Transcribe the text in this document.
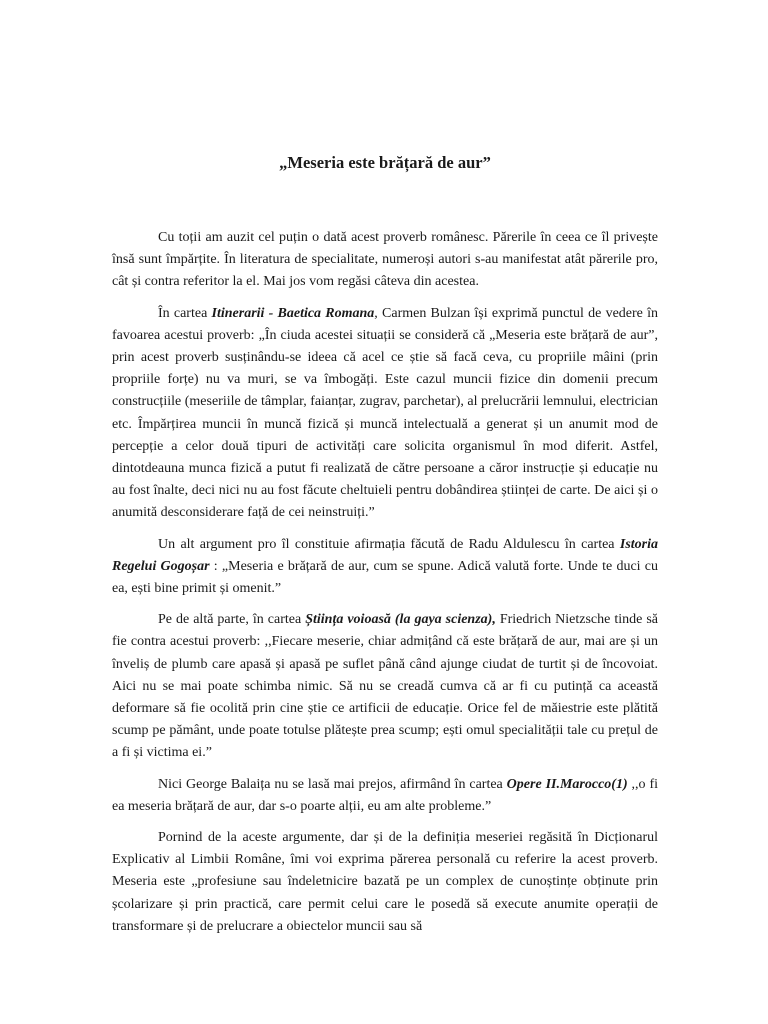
„Meseria este brățară de aur”

Cu toții am auzit cel puțin o dată acest proverb românesc. Părerile în ceea ce îl privește însă sunt împărțite. În literatura de specialitate, numeroși autori s-au manifestat atât părerile pro, cât și contra referitor la el. Mai jos vom regăsi câteva din acestea.

În cartea Itinerarii - Baetica Romana, Carmen Bulzan își exprimă punctul de vedere în favoarea acestui proverb: „În ciuda acestei situații se consideră că „Meseria este brățară de aur”, prin acest proverb susținându-se ideea că acel ce știe să facă ceva, cu propriile mâini (prin propriile forțe) nu va muri, se va îmbogăți. Este cazul muncii fizice din domenii precum construcțiile (meseriile de tâmplar, faianțar, zugrav, parchetar), al prelucrării lemnului, electrician etc. Împărțirea muncii în muncă fizică și muncă intelectuală a generat și un anumit mod de percepție a celor două tipuri de activități care solicita organismul în mod diferit. Astfel, dintotdeauna munca fizică a putut fi realizată de către persoane a căror instrucție și educație nu au fost înalte, deci nici nu au fost făcute cheltuieli pentru dobândirea științei de carte. De aici și o anumită desconsiderare față de cei neinstruiți.”

Un alt argument pro îl constituie afirmația făcută de Radu Aldulescu în cartea Istoria Regelui Gogoșar : „Meseria e brățară de aur, cum se spune. Adică valută forte. Unde te duci cu ea, ești bine primit și omenit.”

Pe de altă parte, în cartea Știința voioasă (la gaya scienza), Friedrich Nietzsche tinde să fie contra acestui proverb: ,,Fiecare meserie, chiar admițând că este brățară de aur, mai are și un înveliș de plumb care apasă și apasă pe suflet până când ajunge ciudat de turtit și de încovoiat. Aici nu se mai poate schimba nimic. Să nu se creadă cumva că ar fi cu putință ca această deformare să fie ocolită prin cine știe ce artificii de educație. Orice fel de măiestrie este plătită scump pe pământ, unde poate totulse plătește prea scump; ești omul specialității tale cu prețul de a fi și victima ei.”

Nici George Balaița nu se lasă mai prejos, afirmând în cartea Opere II.Marocco(1) ,,o fi ea meseria brățară de aur, dar s-o poarte alții, eu am alte probleme.”

Pornind de la aceste argumente, dar și de la definiția meseriei regăsită în Dicționarul Explicativ al Limbii Române, îmi voi exprima părerea personală cu referire la acest proverb. Meseria este „profesiune sau îndeletnicire bazată pe un complex de cunoștințe obținute prin școlarizare și prin practică, care permit celui care le posedă să execute anumite operații de transformare și de prelucrare a obiectelor muncii sau să
